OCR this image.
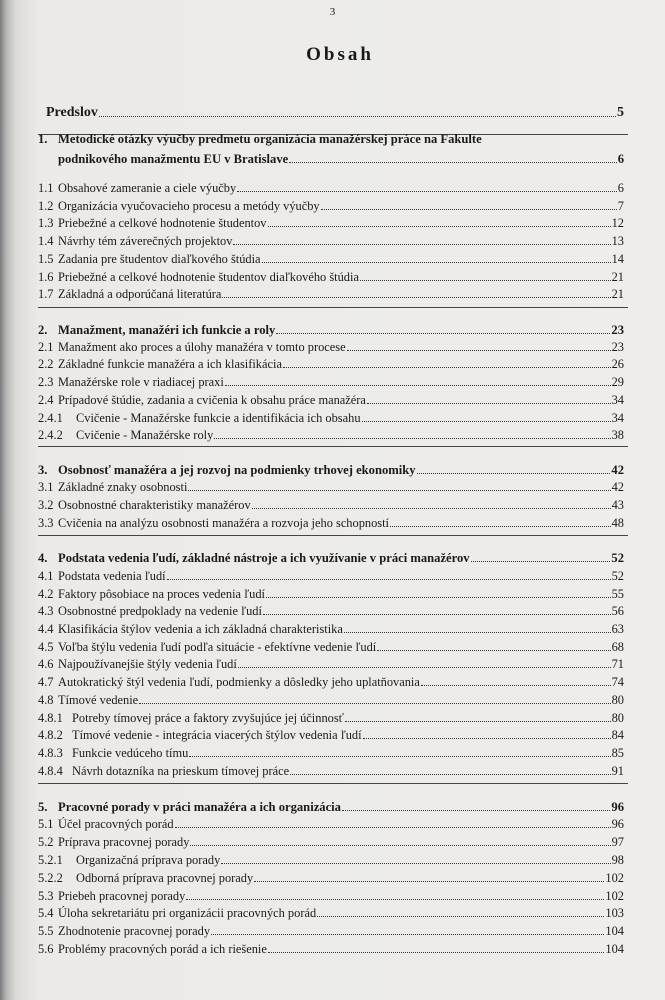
3
Obsah
Predslov	5
1. Metodické otázky výučby predmetu organizácia manažérskej práce na Fakulte
podnikového manažmentu EU v Bratislave	6
1.1 Obsahové zameranie a ciele výučby	6
1.2 Organizácia vyučovacieho procesu a metódy výučby	7
1.3 Priebežné a celkové hodnotenie študentov	12
1.4 Návrhy tém záverečných projektov	13
1.5 Zadania pre študentov diaľkového štúdia	14
1.6 Priebežné a celkové hodnotenie študentov diaľkového štúdia	21
1.7 Základná a odporúčaná literatúra	21
2. Manažment, manažéri ich funkcie a roly	23
2.1 Manažment ako proces a úlohy manažéra v tomto procese	23
2.2 Základné funkcie manažéra a ich klasifikácia	26
2.3 Manažérske role v riadiacej praxi	29
2.4 Prípadové štúdie, zadania a cvičenia k obsahu práce manažéra	34
2.4.1	Cvičenie - Manažérske funkcie a identifikácia ich obsahu	34
2.4.2	Cvičenie - Manažérske roly	38
3. Osobnosť manažéra a jej rozvoj na podmienky trhovej ekonomiky	42
3.1 Základné znaky osobnosti	42
3.2 Osobnostné charakteristiky manažérov	43
3.3 Cvičenia na analýzu osobnosti manažéra a rozvoja jeho schopností	48
4. Podstata vedenia ľudí, základné nástroje a ich využívanie v práci manažérov	52
4.1 Podstata vedenia ľudí	52
4.2 Faktory pôsobiace na proces vedenia ľudí	55
4.3 Osobnostné predpoklady na vedenie ľudí	56
4.4 Klasifikácia štýlov vedenia a ich základná charakteristika	63
4.5 Voľba štýlu vedenia ľudí podľa situácie - efektívne vedenie ľudí	68
4.6 Najpoužívanejšie štýly vedenia ľudí	71
4.7 Autokratický štýl vedenia ľudí, podmienky a dôsledky jeho uplatňovania	74
4.8 Tímové vedenie	80
4.8.1 Potreby tímovej práce a faktory zvyšujúce jej účinnosť	80
4.8.2 Tímové vedenie - integrácia viacerých štýlov vedenia ľudí	84
4.8.3 Funkcie vedúceho tímu	85
4.8.4 Návrh dotazníka na prieskum tímovej práce	91
5. Pracovné porady v práci manažéra a ich organizácia	96
5.1 Účel pracovných porád	96
5.2 Príprava pracovnej porady	97
5.2.1	Organizačná príprava porady	98
5.2.2	Odborná príprava pracovnej porady	102
5.3 Priebeh pracovnej porady	102
5.4 Úloha sekretariátu pri organizácii pracovných porád	103
5.5 Zhodnotenie pracovnej porady	104
5.6 Problémy pracovných porád a ich riešenie	104
